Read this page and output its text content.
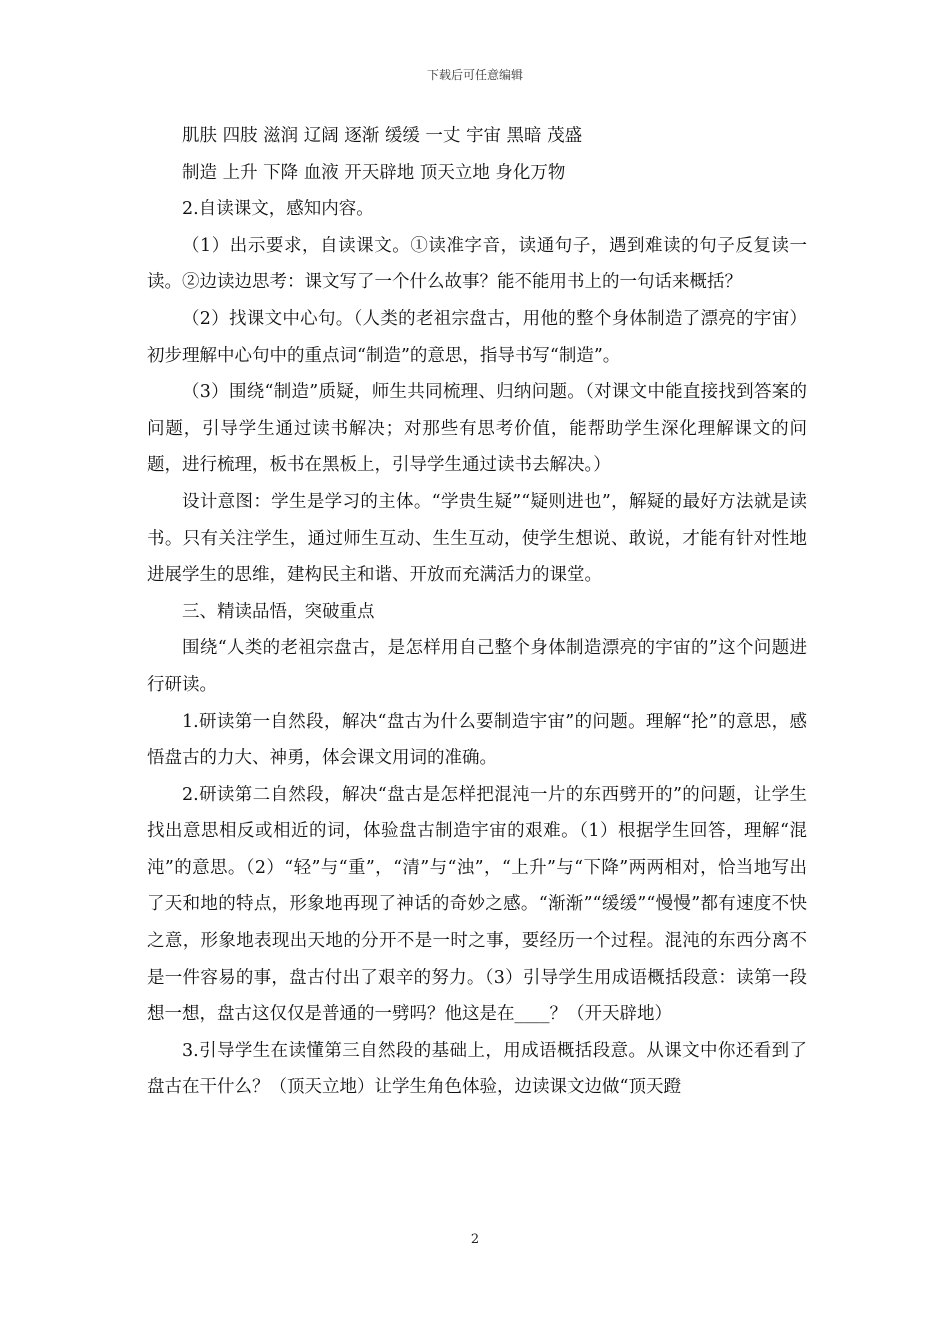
下载后可任意编辑

肌肤 四肢 滋润 辽阔 逐渐 缓缓 一丈 宇宙 黑暗 茂盛

制造 上升 下降 血液 开天辟地 顶天立地 身化万物

2.自读课文，感知内容。

（1）出示要求，自读课文。①读准字音，读通句子，遇到难读的句子反复读一读。②边读边思考：课文写了一个什么故事？能不能用书上的一句话来概括？

（2）找课文中心句。（人类的老祖宗盘古，用他的整个身体制造了漂亮的宇宙）初步理解中心句中的重点词“制造”的意思，指导书写“制造”。

（3）围绕“制造”质疑，师生共同梳理、归纳问题。（对课文中能直接找到答案的问题，引导学生通过读书解决；对那些有思考价值，能帮助学生深化理解课文的问题，进行梳理，板书在黑板上，引导学生通过读书去解决。）

设计意图：学生是学习的主体。“学贵生疑”“疑则进也”，解疑的最好方法就是读书。只有关注学生，通过师生互动、生生互动，使学生想说、敢说，才能有针对性地进展学生的思维，建构民主和谐、开放而充满活力的课堂。

三、精读品悟，突破重点

围绕“人类的老祖宗盘古，是怎样用自己整个身体制造漂亮的宇宙的”这个问题进行研读。

1.研读第一自然段，解决“盘古为什么要制造宇宙”的问题。理解“抡”的意思，感悟盘古的力大、神勇，体会课文用词的准确。

2.研读第二自然段，解决“盘古是怎样把混沌一片的东西劈开的”的问题，让学生找出意思相反或相近的词，体验盘古制造宇宙的艰难。（1）根据学生回答，理解“混沌”的意思。（2）“轻”与“重”，“清”与“浊”，“上升”与“下降”两两相对，恰当地写出了天和地的特点，形象地再现了神话的奇妙之感。“渐渐”“缓缓”“慢慢”都有速度不快之意，形象地表现出天地的分开不是一时之事，要经历一个过程。混沌的东西分离不是一件容易的事，盘古付出了艰辛的努力。（3）引导学生用成语概括段意：读第一段想一想，盘古这仅仅是普通的一劈吗？他这是在____？（开天辟地）

3.引导学生在读懂第三自然段的基础上，用成语概括段意。从课文中你还看到了盘古在干什么？（顶天立地）让学生角色体验，边读课文边做“顶天蹬

2
